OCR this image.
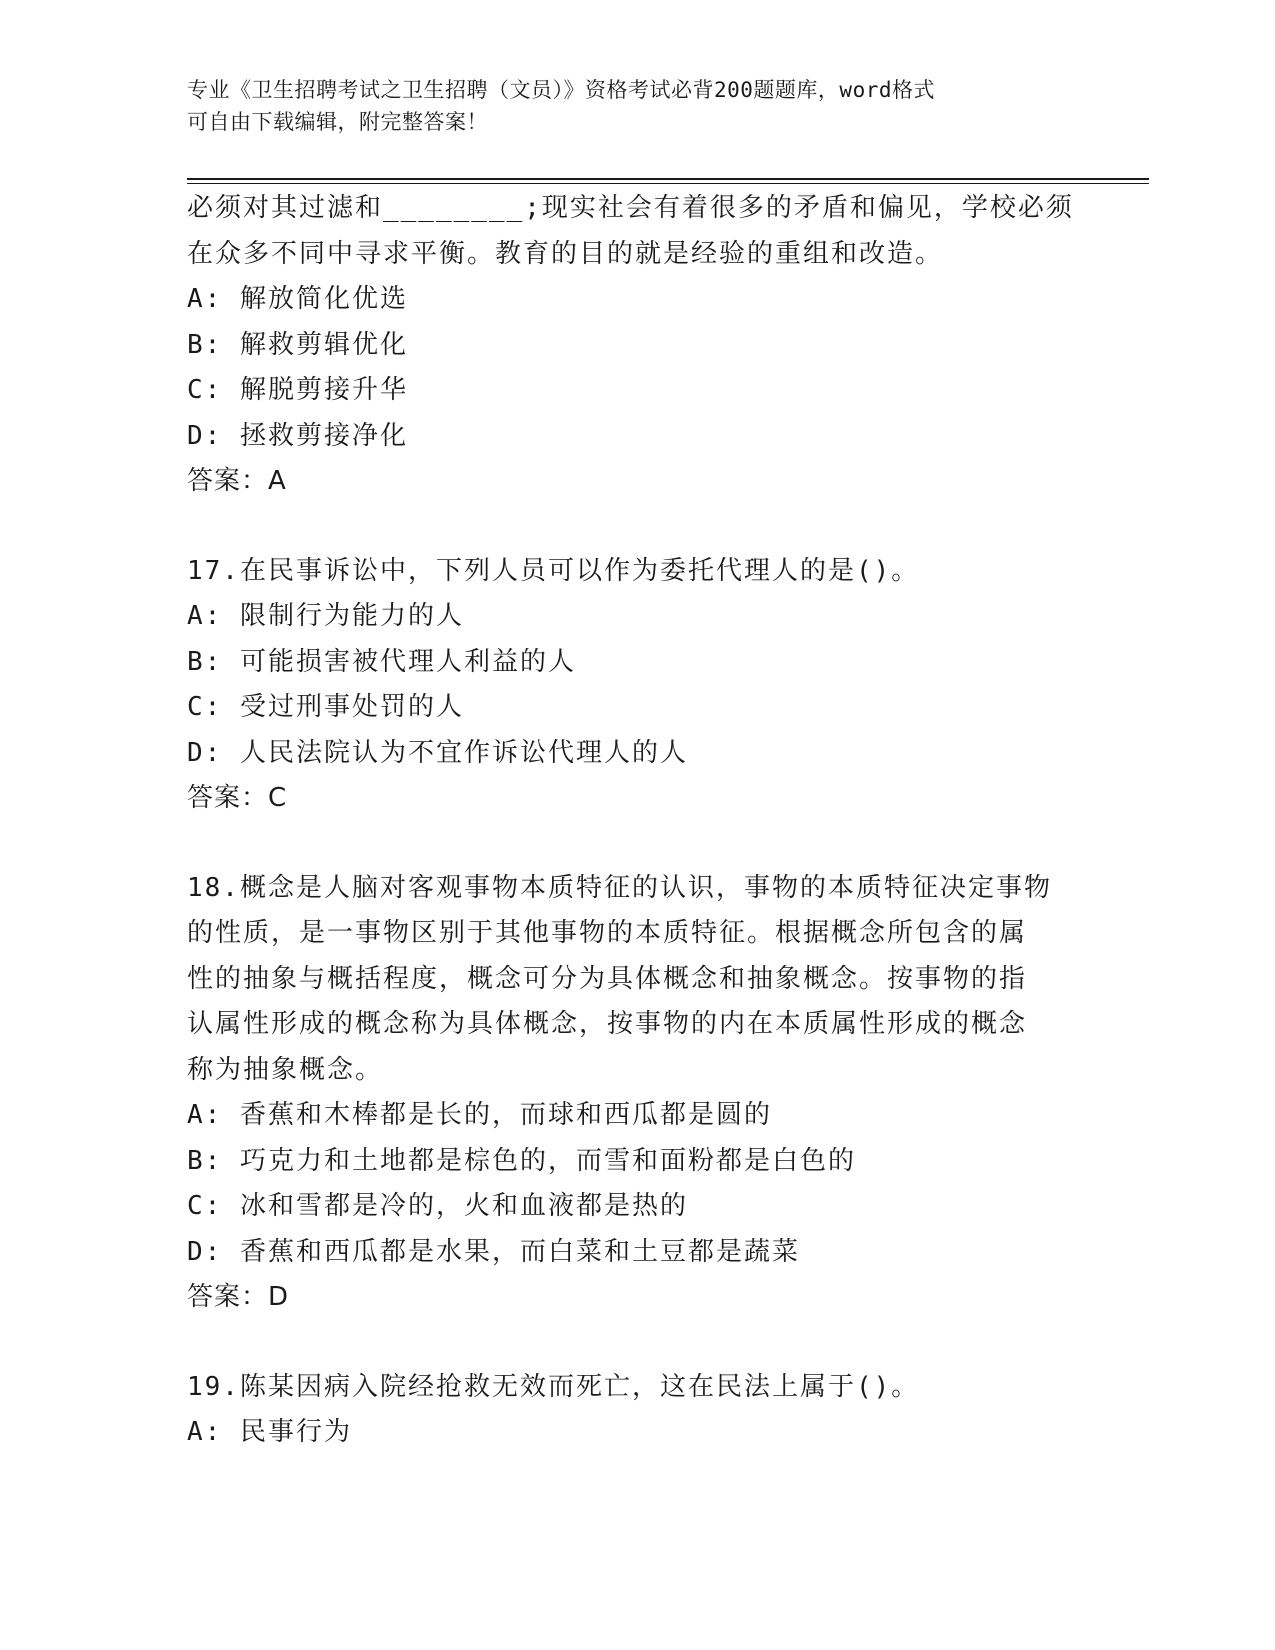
专业《卫生招聘考试之卫生招聘（文员）》资格考试必背200题题库，word格式
可自由下载编辑，附完整答案！
必须对其过滤和________;现实社会有着很多的矛盾和偏见，学校必须
在众多不同中寻求平衡。教育的目的就是经验的重组和改造。
A: 解放简化优选
B: 解救剪辑优化
C: 解脱剪接升华
D: 拯救剪接净化
答案：A
17.在民事诉讼中，下列人员可以作为委托代理人的是()。
A: 限制行为能力的人
B: 可能损害被代理人利益的人
C: 受过刑事处罚的人
D: 人民法院认为不宜作诉讼代理人的人
答案：C
18.概念是人脑对客观事物本质特征的认识，事物的本质特征决定事物
的性质，是一事物区别于其他事物的本质特征。根据概念所包含的属
性的抽象与概括程度，概念可分为具体概念和抽象概念。按事物的指
认属性形成的概念称为具体概念，按事物的内在本质属性形成的概念
称为抽象概念。
A: 香蕉和木棒都是长的，而球和西瓜都是圆的
B: 巧克力和土地都是棕色的，而雪和面粉都是白色的
C: 冰和雪都是冷的，火和血液都是热的
D: 香蕉和西瓜都是水果，而白菜和土豆都是蔬菜
答案：D
19.陈某因病入院经抢救无效而死亡，这在民法上属于()。
A: 民事行为
